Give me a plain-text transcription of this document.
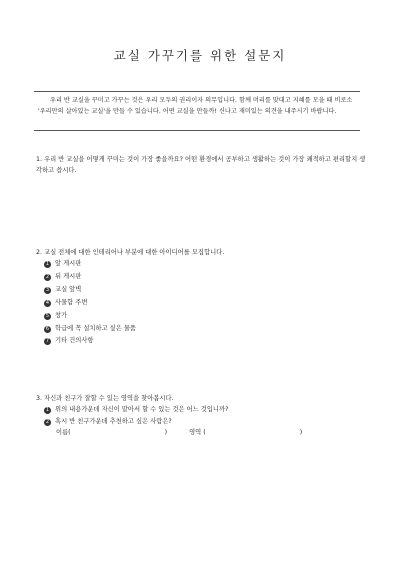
교실 가꾸기를 위한 설문지
우리 반 교실을 꾸미고 가꾸는 것은 우리 모두의 권리이자 의무입니다. 함께 머리를 맞대고 지혜를 모을 때 비로소 '우리만의 살아있는 교실'을 만들 수 있습니다. 어떤 교실을 만들까! 신나고 재미있는 의견을 내주시기 바랍니다.
1. 우리 반 교실을 어떻게 꾸미는 것이 가장 좋을까요? 어떤 환경에서 공부하고 생활하는 것이 가장 쾌적하고 편리할지 생각하고 씁시다.
2. 교실 전체에 대한 인테리어나 부분에 대한 아이디어를 모집합니다.
1 앞 게시판
2 뒤 게시판
3 교실 앞벽
4 사물함 주변
5 창가
6 학급에 꼭 설치하고 싶은 물품
7 기타 건의사항
3. 자신과 친구가 잘할 수 있는 영역을 찾아봅시다.
1 위의 내용가운데 자신이 맡아서 할 수 있는 것은 어느 것입니까?
2 혹시 반 친구가운데 추천하고 싶은 사람은?
이름(	)	영역 (	)
